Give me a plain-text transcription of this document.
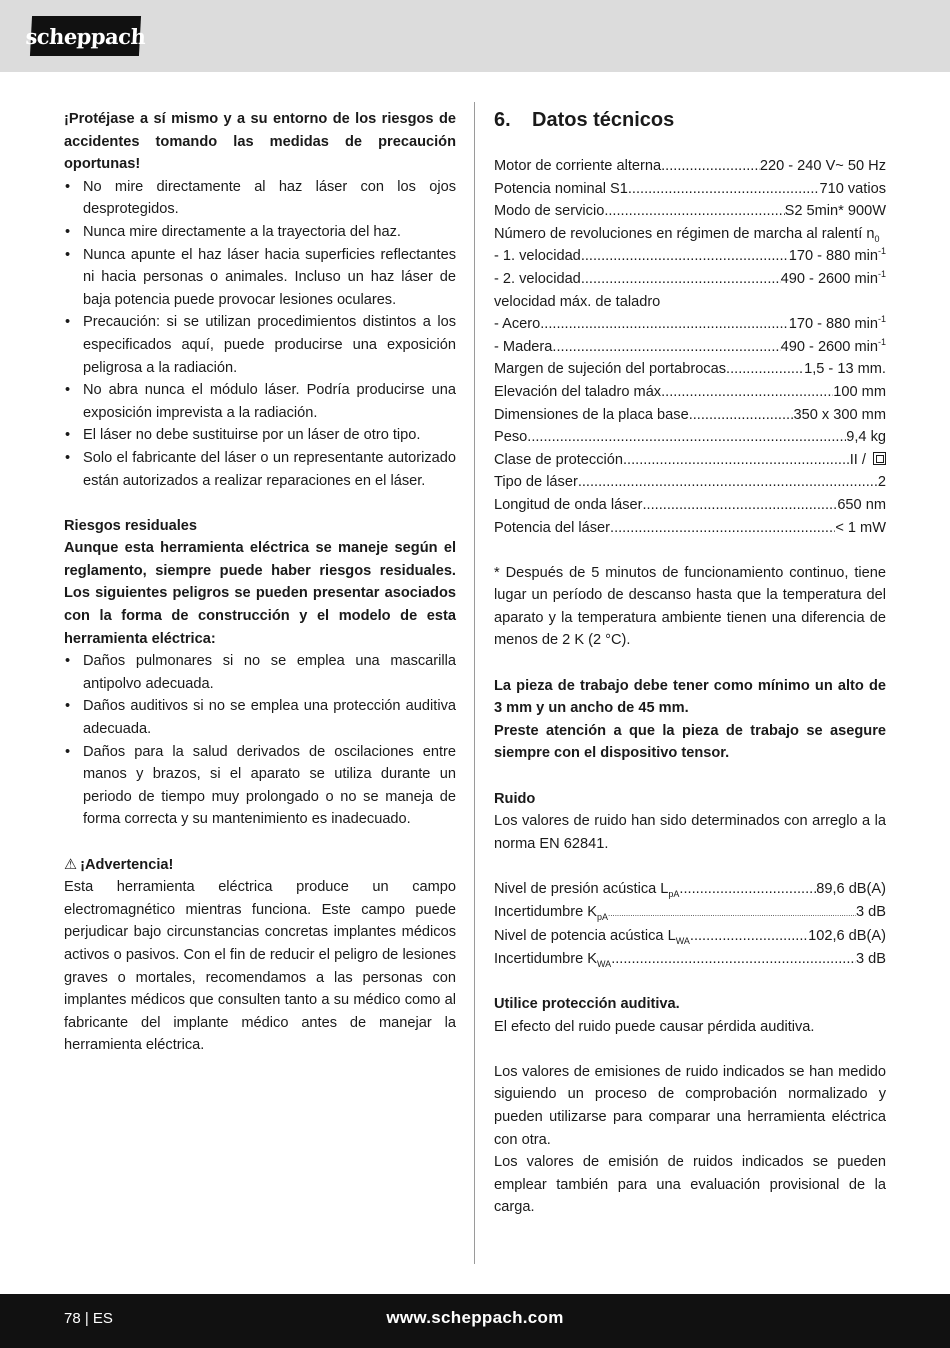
scheppach

¡Protéjase a sí mismo y a su entorno de los riesgos de accidentes tomando las medidas de precaución oportunas!

• No mire directamente al haz láser con los ojos desprotegidos.
• Nunca mire directamente a la trayectoria del haz.
• Nunca apunte el haz láser hacia superficies reflectantes ni hacia personas o animales. Incluso un haz láser de baja potencia puede provocar lesiones oculares.
• Precaución: si se utilizan procedimientos distintos a los especificados aquí, puede producirse una exposición peligrosa a la radiación.
• No abra nunca el módulo láser. Podría producirse una exposición imprevista a la radiación.
• El láser no debe sustituirse por un láser de otro tipo.
• Solo el fabricante del láser o un representante autorizado están autorizados a realizar reparaciones en el láser.

Riesgos residuales

Aunque esta herramienta eléctrica se maneje según el reglamento, siempre puede haber riesgos residuales. Los siguientes peligros se pueden presentar asociados con la forma de construcción y el modelo de esta herramienta eléctrica:

• Daños pulmonares si no se emplea una mascarilla antipolvo adecuada.
• Daños auditivos si no se emplea una protección auditiva adecuada.
• Daños para la salud derivados de oscilaciones entre manos y brazos, si el aparato se utiliza durante un periodo de tiempo muy prolongado o no se maneja de forma correcta y su mantenimiento es inadecuado.

⚠ ¡Advertencia!

Esta herramienta eléctrica produce un campo electromagnético mientras funciona. Este campo puede perjudicar bajo circunstancias concretas implantes médicos activos o pasivos. Con el fin de reducir el peligro de lesiones graves o mortales, recomendamos a las personas con implantes médicos que consulten tanto a su médico como al fabricante del implante médico antes de manejar la herramienta eléctrica.

6.	Datos técnicos
Motor de corriente alterna .....	220 - 240 V~ 50 Hz
Potencia nominal S1 .....	710 vatios
Modo de servicio .....	S2 5min* 900W

Número de revoluciones en régimen de marcha al ralentí $n_0$

- 1. velocidad .....	170 - 880 $\min^{-1}$
- 2. velocidad .....	490 - 2600 $\min^{-1}$

velocidad máx. de taladro

- Acero .....	170 - 880 $\min^{-1}$
- Madera .....	490 - 2600 $\min^{-1}$
Margen de sujeción del portabrocas .....	1,5 - 13 mm.
Elevación del taladro máx .....	100 mm
Dimensiones de la placa base .....	350 x 300 mm
Peso .....	9,4 kg
Clase de protección .....	II /
Tipo de láser .....	2
Longitud de onda láser .....	650 nm
Potencia del láser .....	< 1 mW

* Después de 5 minutos de funcionamiento continuo, tiene lugar un período de descanso hasta que la temperatura del aparato y la temperatura ambiente tienen una diferencia de menos de 2 K (2 °C).

La pieza de trabajo debe tener como mínimo un alto de 3 mm y un ancho de 45 mm.

Preste atención a que la pieza de trabajo se asegure siempre con el dispositivo tensor.

Ruido

Los valores de ruido han sido determinados con arreglo a la norma EN 62841.

Nivel de presión acústica $L_{pA}$ .....	89,6 dB(A)
Incertidumbre $K_{pA}$ .....	3 dB
Nivel de potencia acústica $L_{WA}$ .....	102,6 dB(A)
Incertidumbre $K_{WA}$ .....	3 dB

Utilice protección auditiva.

El efecto del ruido puede causar pérdida auditiva.

Los valores de emisiones de ruido indicados se han medido siguiendo un proceso de comprobación normalizado y pueden utilizarse para comparar una herramienta eléctrica con otra.

Los valores de emisión de ruidos indicados se pueden emplear también para una evaluación provisional de la carga.

78 | ES	www.scheppach.com
